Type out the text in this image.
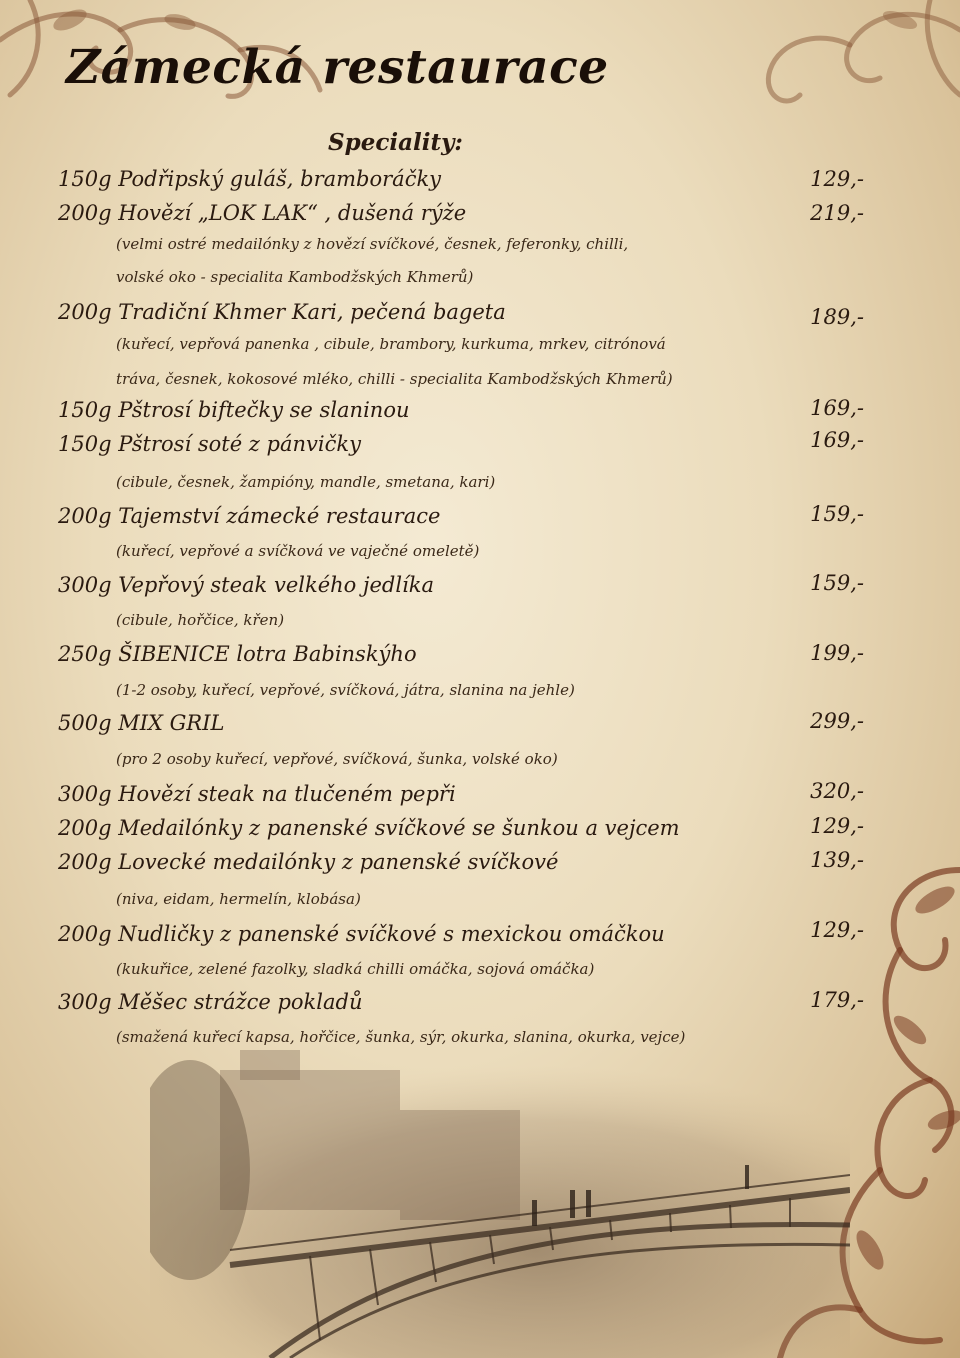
Zámecká restaurace
Speciality:
150g Podřipský guláš, bramboráčky	129,-
200g Hovězí „LOK LAK“ , dušená rýže	219,-
(velmi ostré medailónky z hovězí svíčkové, česnek, feferonky, chilli,
volské oko - specialita Kambodžských Khmerů)
200g Tradiční Khmer Kari, pečená bageta	189,-
(kuřecí, vepřová panenka , cibule, brambory, kurkuma, mrkev, citrónová
tráva, česnek, kokosové mléko, chilli - specialita Kambodžských Khmerů)
150g Pštrosí biftečky se slaninou	169,-
150g Pštrosí soté z pánvičky	169,-
(cibule, česnek, žampióny, mandle, smetana, kari)
200g Tajemství zámecké restaurace	159,-
(kuřecí, vepřové a svíčková ve vaječné omeletě)
300g Vepřový steak velkého jedlíka	159,-
(cibule, hořčice, křen)
250g ŠIBENICE lotra Babinskýho	199,-
(1-2 osoby, kuřecí, vepřové, svíčková, játra, slanina na jehle)
500g MIX GRIL	299,-
(pro 2 osoby kuřecí, vepřové, svíčková, šunka, volské oko)
300g Hovězí steak na tlučeném pepři	320,-
200g Medailónky z panenské svíčkové se šunkou a vejcem	129,-
200g Lovecké medailónky z panenské svíčkové	139,-
(niva, eidam, hermelín, klobása)
200g Nudličky z panenské svíčkové s mexickou omáčkou	129,-
(kukuřice, zelené fazolky, sladká chilli omáčka, sojová omáčka)
300g Měšec strážce pokladů	179,-
(smažená kuřecí kapsa, hořčice, šunka, sýr, okurka, slanina, okurka, vejce)
